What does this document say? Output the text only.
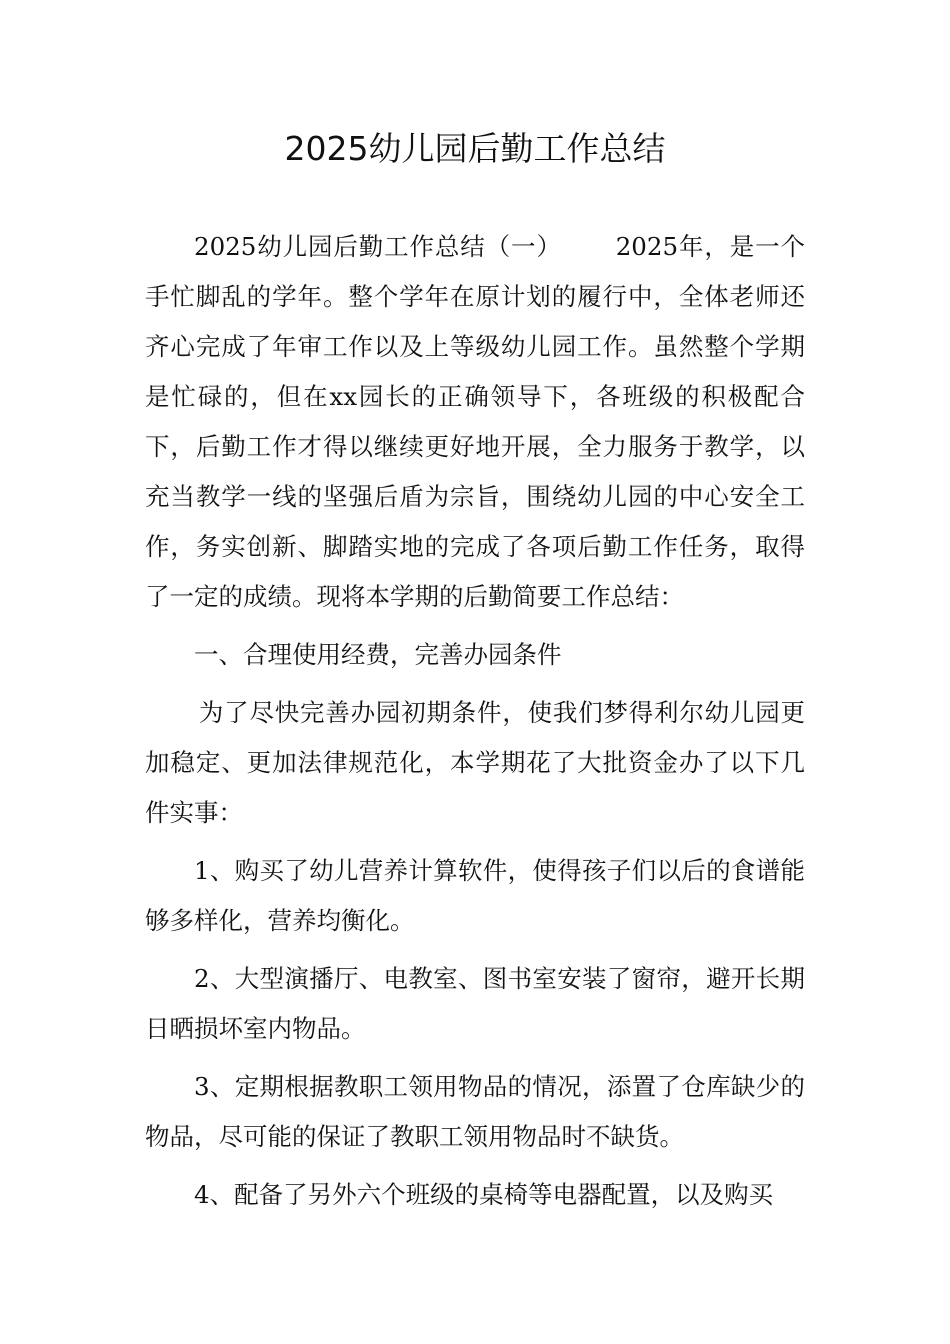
2025幼儿园后勤工作总结

2025幼儿园后勤工作总结（一） 2025年，是一个手忙脚乱的学年。整个学年在原计划的履行中，全体老师还齐心完成了年审工作以及上等级幼儿园工作。虽然整个学期是忙碌的，但在xx园长的正确领导下，各班级的积极配合下，后勤工作才得以继续更好地开展，全力服务于教学，以充当教学一线的坚强后盾为宗旨，围绕幼儿园的中心安全工作，务实创新、脚踏实地的完成了各项后勤工作任务，取得了一定的成绩。现将本学期的后勤简要工作总结：

一、合理使用经费，完善办园条件

为了尽快完善办园初期条件，使我们梦得利尔幼儿园更加稳定、更加法律规范化，本学期花了大批资金办了以下几件实事：

1、购买了幼儿营养计算软件，使得孩子们以后的食谱能够多样化，营养均衡化。

2、大型演播厅、电教室、图书室安装了窗帘，避开长期日晒损坏室内物品。

3、定期根据教职工领用物品的情况，添置了仓库缺少的物品，尽可能的保证了教职工领用物品时不缺货。

4、配备了另外六个班级的桌椅等电器配置，以及购买
